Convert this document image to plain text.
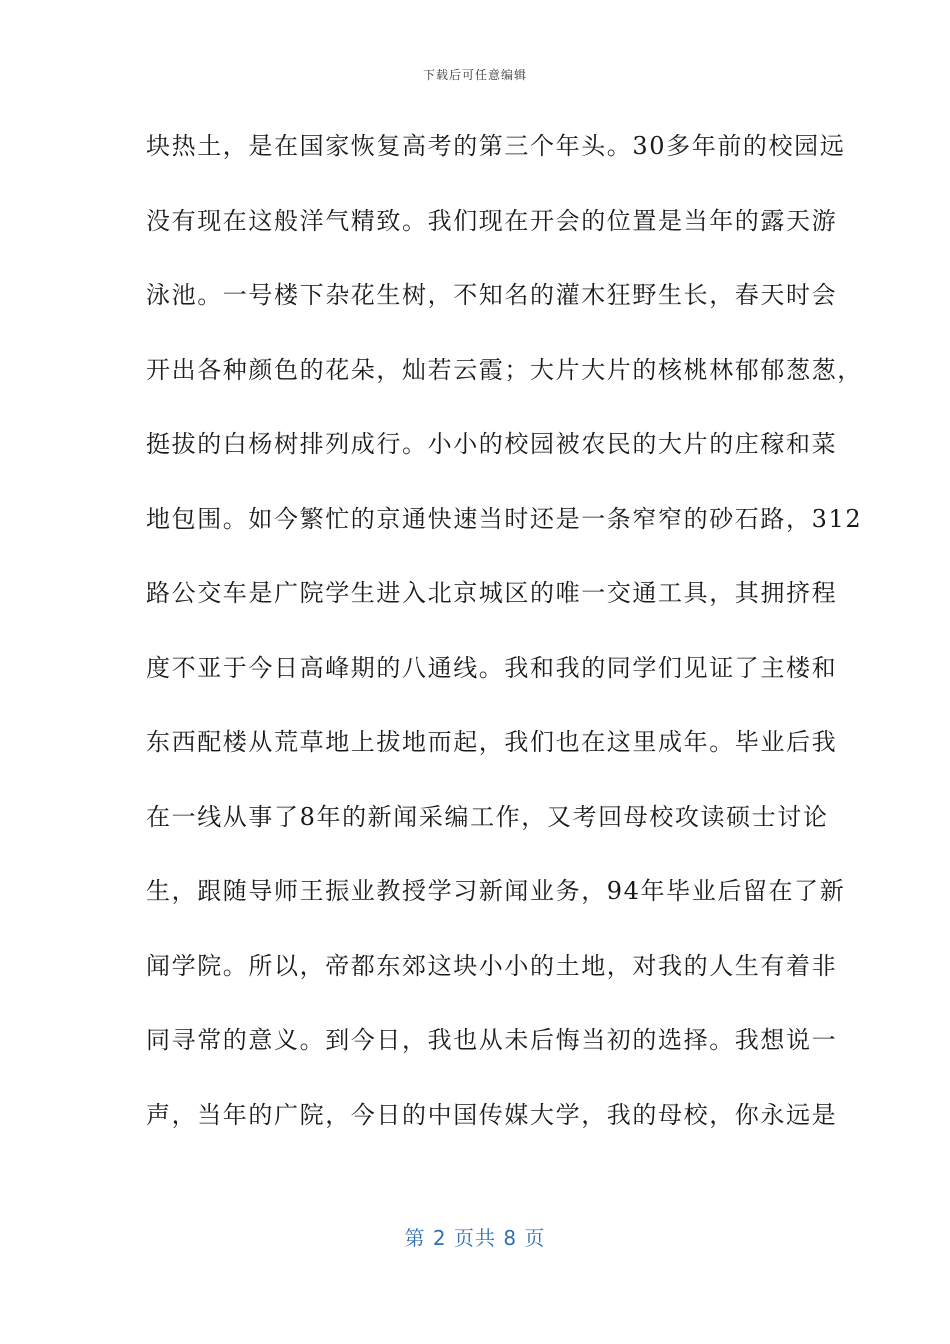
下载后可任意编辑
块热土，是在国家恢复高考的第三个年头。30多年前的校园远
没有现在这般洋气精致。我们现在开会的位置是当年的露天游
泳池。一号楼下杂花生树，不知名的灌木狂野生长，春天时会
开出各种颜色的花朵，灿若云霞；大片大片的核桃林郁郁葱葱，
挺拔的白杨树排列成行。小小的校园被农民的大片的庄稼和菜
地包围。如今繁忙的京通快速当时还是一条窄窄的砂石路，312
路公交车是广院学生进入北京城区的唯一交通工具，其拥挤程
度不亚于今日高峰期的八通线。我和我的同学们见证了主楼和
东西配楼从荒草地上拔地而起，我们也在这里成年。毕业后我
在一线从事了8年的新闻采编工作，又考回母校攻读硕士讨论
生，跟随导师王振业教授学习新闻业务，94年毕业后留在了新
闻学院。所以，帝都东郊这块小小的土地，对我的人生有着非
同寻常的意义。到今日，我也从未后悔当初的选择。我想说一
声，当年的广院，今日的中国传媒大学，我的母校，你永远是
第 2 页共 8 页
